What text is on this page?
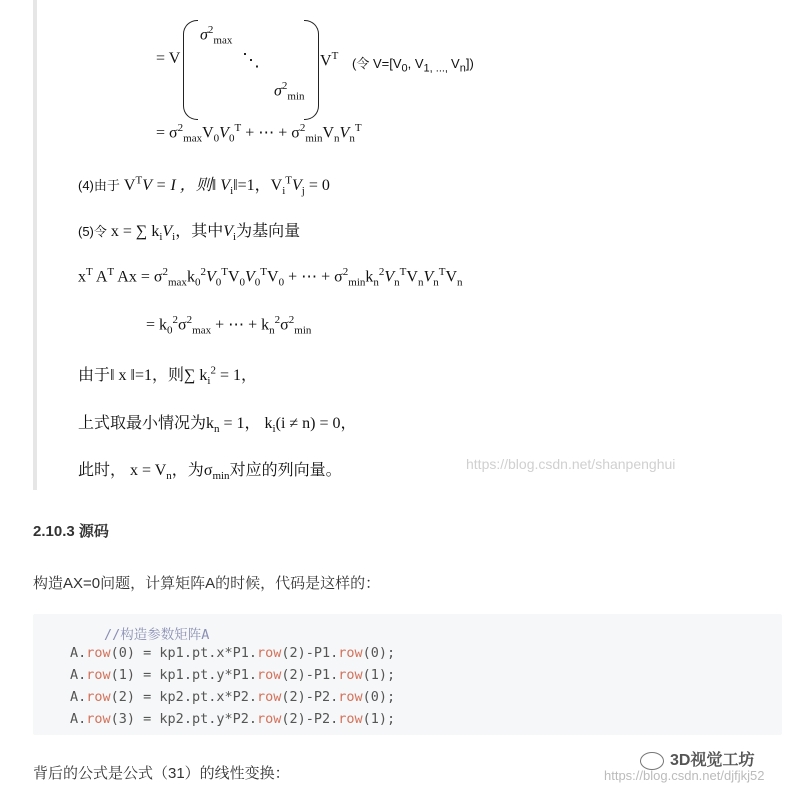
= V
$\sigma^2_{max}$
⋱
$\sigma^2_{min}$
$V^T$ (令 $V=[V_0$, $V_{1, ...,}$ $V_n$])
= $\sigma^2_{max}V_0V_0^T$ + ⋯ + $\sigma^2_{min}V_nV_n^T$
(4)由于 $V^TV = I$ ，则‖ $V_i‖=1$，$V_i^TV_j = 0$
(5)令 x = ∑ $k_iV_i$，其中$V_i$为基向量
$x^T$ $A^T$ $Ax = \sigma^2_{max}k_0^2V_0^TV_0V_0^TV_0$ + ⋯ + $\sigma^2_{min}k_n^2V_n^TV_nV_n^TV_n$
= $k_0^2\sigma^2_{max}$ + ⋯ + $k_n^2\sigma^2_{min}$
由于‖ x ‖=1，则∑ $k_i^2 = 1$，
上式取最小情况为$k_n = 1$， $k_i(i \ne n) = 0$，
此时， $x = V_n$，为$\sigma_{min}$对应的列向量。	https://blog.csdn.net/shanpenghui
2.10.3 源码
构造AX=0问题，计算矩阵A的时候，代码是这样的：
//构造参数矩阵A
A.row(0) = kp1.pt.x*P1.row(2)-P1.row(0);
A.row(1) = kp1.pt.y*P1.row(2)-P1.row(1);
A.row(2) = kp2.pt.x*P2.row(2)-P2.row(0);
A.row(3) = kp2.pt.y*P2.row(2)-P2.row(1);
背后的公式是公式（31）的线性变换：
3D视觉工坊
https://blog.csdn.net/djfjkj52
